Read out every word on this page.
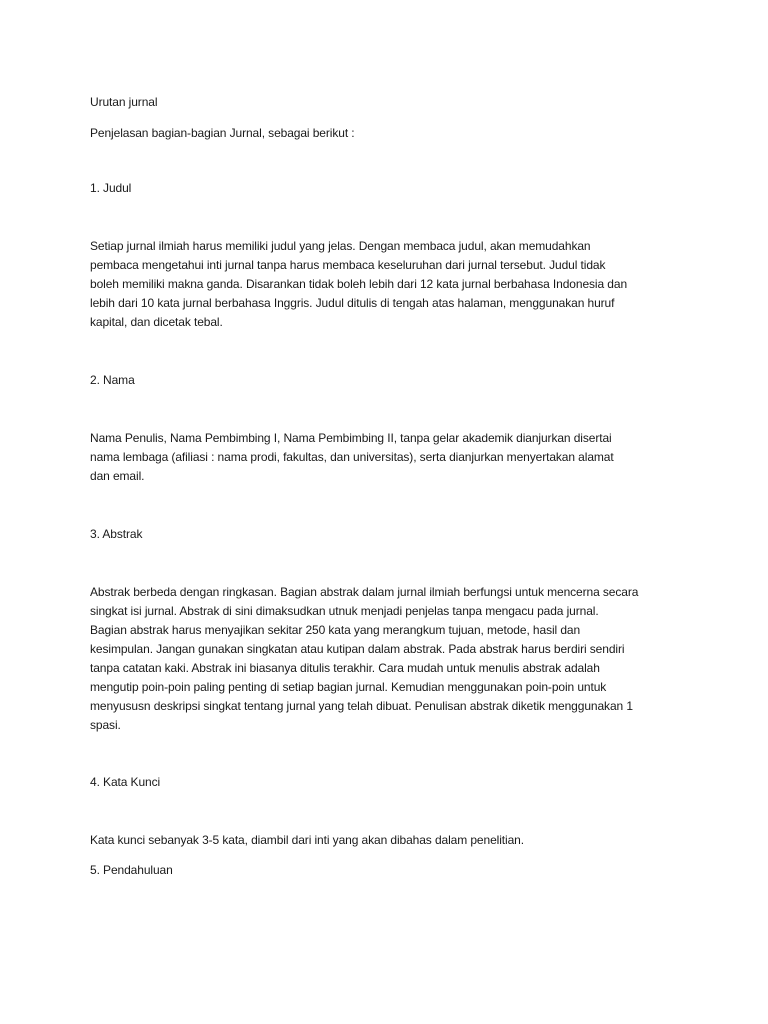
Urutan jurnal
Penjelasan bagian-bagian Jurnal, sebagai berikut :
1. Judul
Setiap jurnal ilmiah harus memiliki judul yang jelas. Dengan membaca judul, akan memudahkan
pembaca mengetahui inti jurnal tanpa harus membaca keseluruhan dari jurnal tersebut. Judul tidak
boleh memiliki makna ganda. Disarankan tidak boleh lebih dari 12 kata jurnal berbahasa Indonesia dan
lebih dari 10 kata jurnal berbahasa Inggris. Judul ditulis di tengah atas halaman, menggunakan huruf
kapital, dan dicetak tebal.
2. Nama
Nama Penulis, Nama Pembimbing I, Nama Pembimbing II, tanpa gelar akademik dianjurkan disertai
nama lembaga (afiliasi : nama prodi, fakultas, dan universitas), serta dianjurkan menyertakan alamat
dan email.
3. Abstrak
Abstrak berbeda dengan ringkasan. Bagian abstrak dalam jurnal ilmiah berfungsi untuk mencerna secara
singkat isi jurnal. Abstrak di sini dimaksudkan utnuk menjadi penjelas tanpa mengacu pada jurnal.
Bagian abstrak harus menyajikan sekitar 250 kata yang merangkum tujuan, metode, hasil dan
kesimpulan. Jangan gunakan singkatan atau kutipan dalam abstrak. Pada abstrak harus berdiri sendiri
tanpa catatan kaki. Abstrak ini biasanya ditulis terakhir. Cara mudah untuk menulis abstrak adalah
mengutip poin-poin paling penting di setiap bagian jurnal. Kemudian menggunakan poin-poin untuk
menyususn deskripsi singkat tentang jurnal yang telah dibuat. Penulisan abstrak diketik menggunakan 1
spasi.
4. Kata Kunci
Kata kunci sebanyak 3-5 kata, diambil dari inti yang akan dibahas dalam penelitian.
5. Pendahuluan
